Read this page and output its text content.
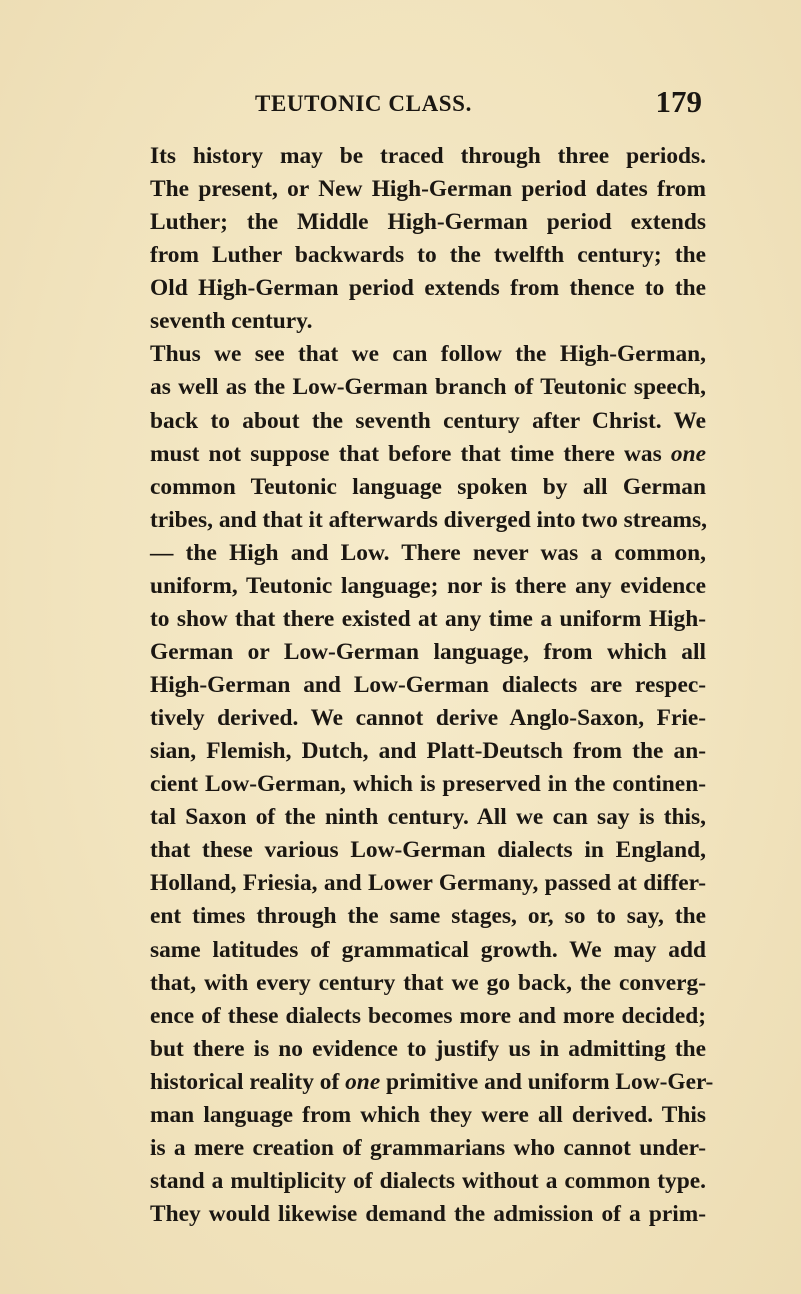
TEUTONIC CLASS.	179
Its history may be traced through three periods.
The present, or New High-German period dates from
Luther; the Middle High-German period extends
from Luther backwards to the twelfth century; the
Old High-German period extends from thence to the
seventh century.
Thus we see that we can follow the High-German,
as well as the Low-German branch of Teutonic speech,
back to about the seventh century after Christ. We
must not suppose that before that time there was one
common Teutonic language spoken by all German
tribes, and that it afterwards diverged into two streams,
— the High and Low. There never was a common,
uniform, Teutonic language; nor is there any evidence
to show that there existed at any time a uniform High-
German or Low-German language, from which all
High-German and Low-German dialects are respec-
tively derived. We cannot derive Anglo-Saxon, Frie-
sian, Flemish, Dutch, and Platt-Deutsch from the an-
cient Low-German, which is preserved in the continen-
tal Saxon of the ninth century. All we can say is this,
that these various Low-German dialects in England,
Holland, Friesia, and Lower Germany, passed at differ-
ent times through the same stages, or, so to say, the
same latitudes of grammatical growth. We may add
that, with every century that we go back, the converg-
ence of these dialects becomes more and more decided;
but there is no evidence to justify us in admitting the
historical reality of one primitive and uniform Low-Ger-
man language from which they were all derived. This
is a mere creation of grammarians who cannot under-
stand a multiplicity of dialects without a common type.
They would likewise demand the admission of a prim-
